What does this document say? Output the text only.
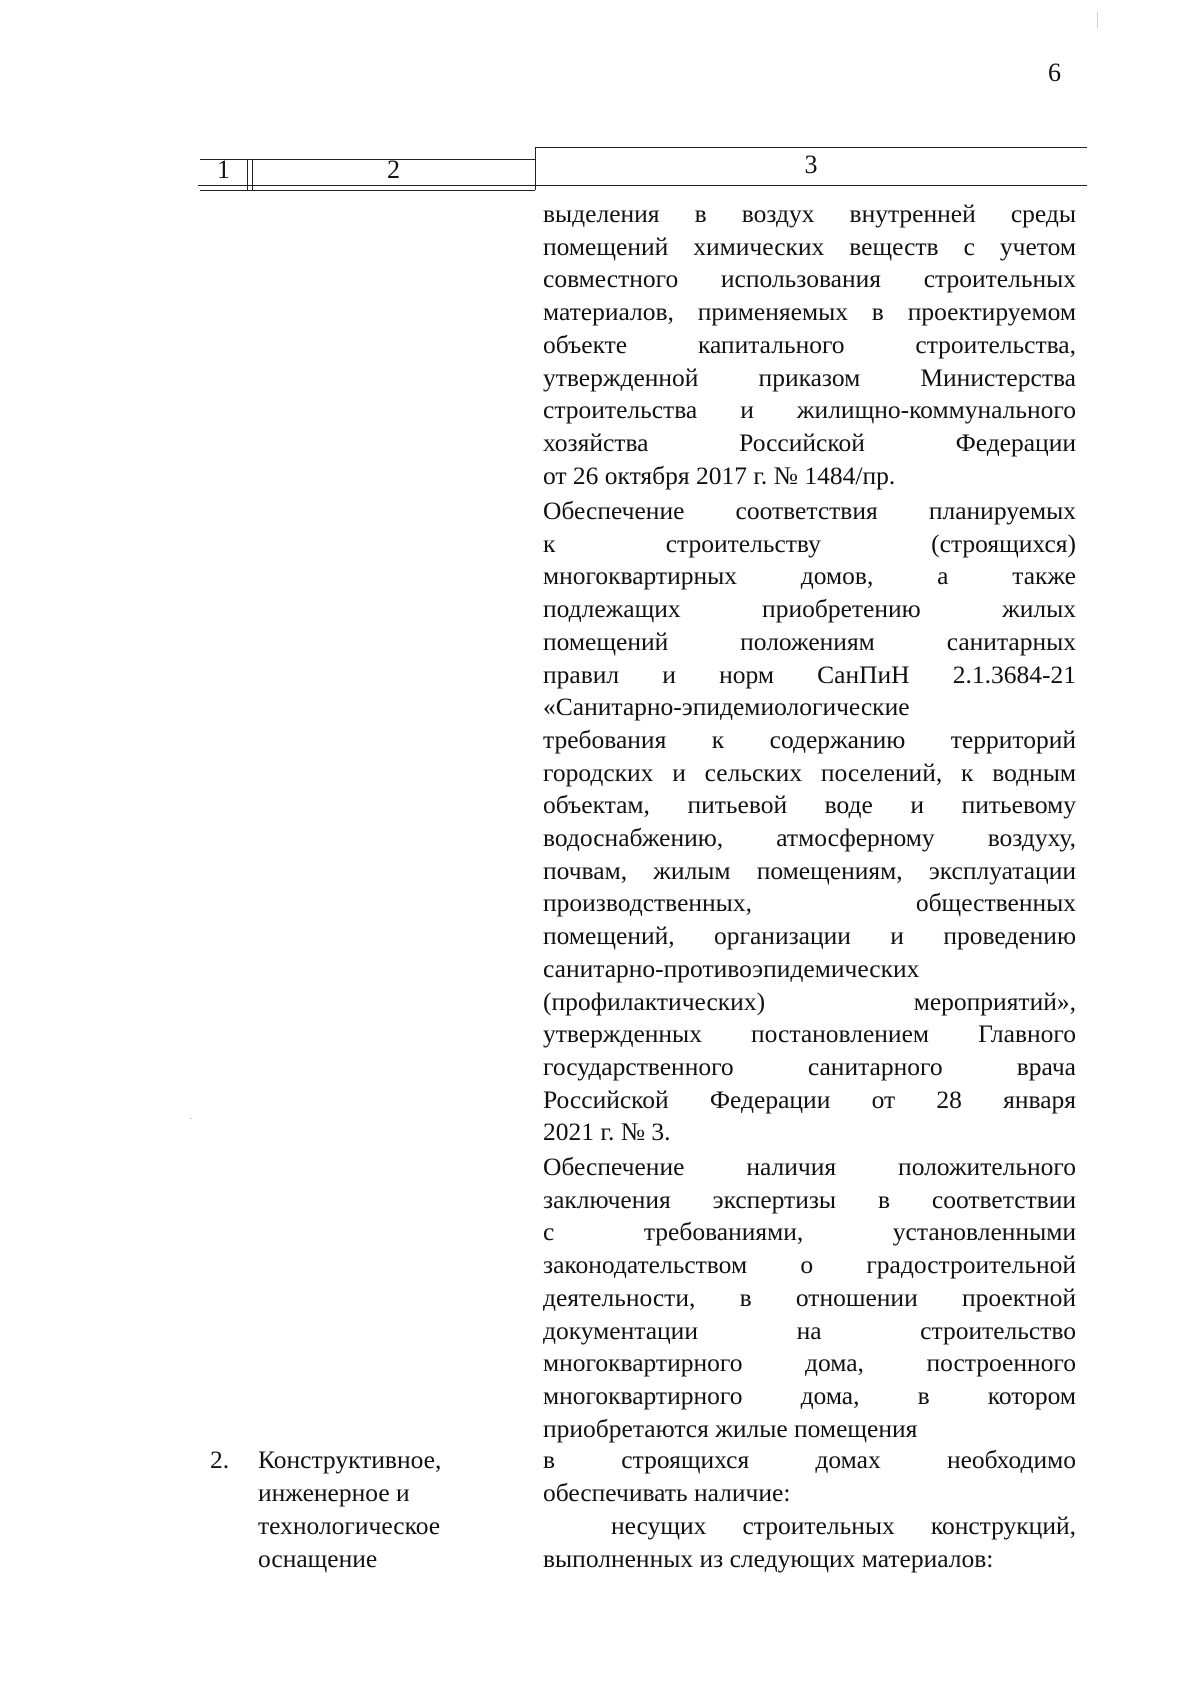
6
1	2	3
выделения в воздух внутренней среды
помещений химических веществ с учетом
совместного использования строительных
материалов, применяемых в проектируемом
объекте капитального строительства,
утвержденной приказом Министерства
строительства и жилищно-коммунального
хозяйства Российской Федерации
от 26 октября 2017 г. № 1484/пр.
Обеспечение соответствия планируемых
к строительству (строящихся)
многоквартирных домов, а также
подлежащих приобретению жилых
помещений положениям санитарных
правил и норм СанПиН 2.1.3684-21
«Санитарно-эпидемиологические
требования к содержанию территорий
городских и сельских поселений, к водным
объектам, питьевой воде и питьевому
водоснабжению, атмосферному воздуху,
почвам, жилым помещениям, эксплуатации
производственных, общественных
помещений, организации и проведению
санитарно-противоэпидемических
(профилактических) мероприятий»,
утвержденных постановлением Главного
государственного санитарного врача
Российской Федерации от 28 января
2021 г. № 3.
Обеспечение наличия положительного
заключения экспертизы в соответствии
с требованиями, установленными
законодательством о градостроительной
деятельности, в отношении проектной
документации на строительство
многоквартирного дома, построенного
многоквартирного дома, в котором
приобретаются жилые помещения
2. Конструктивное,
инженерное и
технологическое
оснащение
в строящихся домах необходимо
обеспечивать наличие:
несущих строительных конструкций,
выполненных из следующих материалов:
